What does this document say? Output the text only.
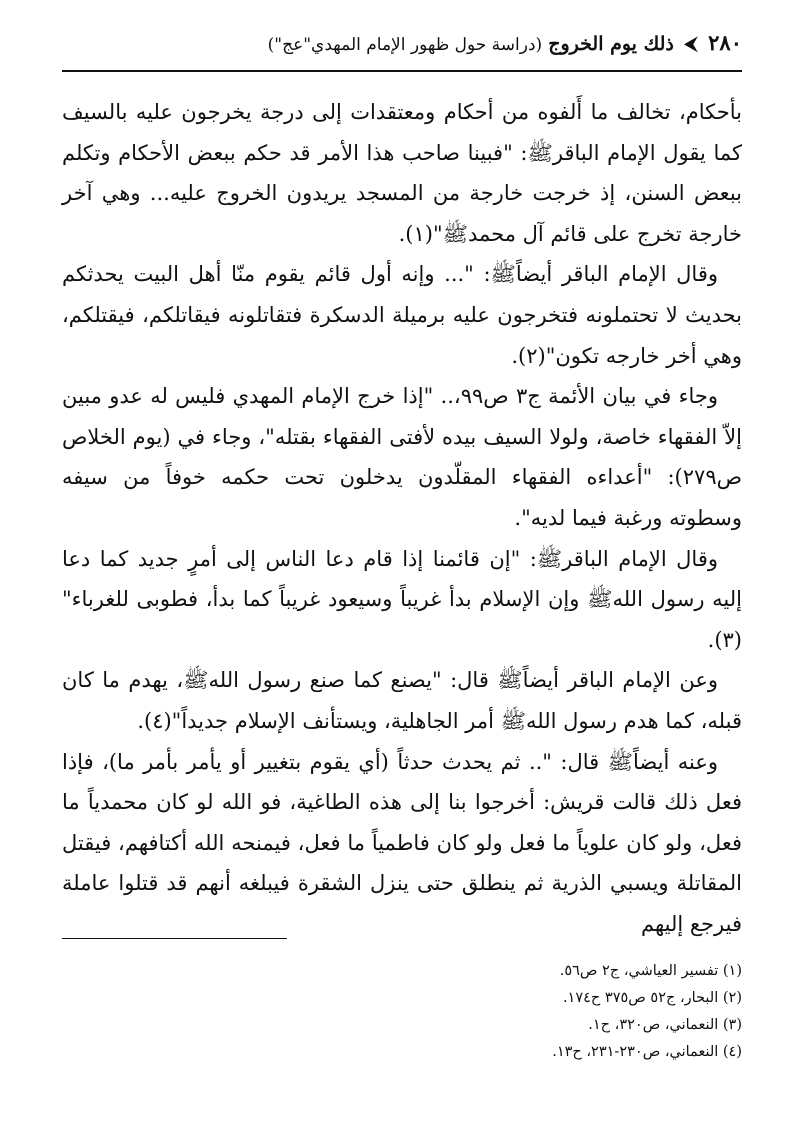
٢٨٠ ⮜ ذلك يوم الخروج (دراسة حول ظهور الإمام المهدي"عج")

بأحكام، تخالف ما أَلفوه من أحكام ومعتقدات إلى درجة يخرجون عليه بالسيف كما يقول الإمام الباقرﷺ: "فبينا صاحب هذا الأمر قد حكم ببعض الأحكام وتكلم ببعض السنن، إذ خرجت خارجة من المسجد يريدون الخروج عليه... وهي آخر خارجة تخرج على قائم آل محمدﷺ"(١).

وقال الإمام الباقر أيضاًﷺ: "... وإنه أول قائم يقوم منّا أهل البيت يحدثكم بحديث لا تحتملونه فتخرجون عليه برميلة الدسكرة فتقاتلونه فيقاتلكم، فيقتلكم، وهي أخر خارجه تكون"(٢).

وجاء في بيان الأئمة ج٣ ص٩٩،.. "إذا خرج الإمام المهدي فليس له عدو مبين إلاّ الفقهاء خاصة، ولولا السيف بيده لأفتى الفقهاء بقتله"، وجاء في (يوم الخلاص ص٢٧٩): "أعداءه الفقهاء المقلّدون يدخلون تحت حكمه خوفاً من سيفه وسطوته ورغبة فيما لديه".

وقال الإمام الباقرﷺ: "إن قائمنا إذا قام دعا الناس إلى أمرٍ جديد كما دعا إليه رسول اللهﷺ وإن الإسلام بدأ غريباً وسيعود غريباً كما بدأ، فطوبى للغرباء"(٣).

وعن الإمام الباقر أيضاًﷺ قال: "يصنع كما صنع رسول اللهﷺ، يهدم ما كان قبله، كما هدم رسول اللهﷺ أمر الجاهلية، ويستأنف الإسلام جديداً"(٤).

وعنه أيضاًﷺ قال: ".. ثم يحدث حدثاً (أي يقوم بتغيير أو يأمر بأمر ما)، فإذا فعل ذلك قالت قريش: أخرجوا بنا إلى هذه الطاغية، فو الله لو كان محمدياً ما فعل، ولو كان علوياً ما فعل ولو كان فاطمياً ما فعل، فيمنحه الله أكتافهم، فيقتل المقاتلة ويسبي الذرية ثم ينطلق حتى ينزل الشقرة فيبلغه أنهم قد قتلوا عاملة فيرجع إليهم

(١) تفسير العياشي، ج٢ ص٥٦.

(٢) البحار، ج٥٢ ص٣٧٥ ح١٧٤.

(٣) النعماني، ص٣٢٠، ح١.

(٤) النعماني، ص٢٣٠-٢٣١، ح١٣.
